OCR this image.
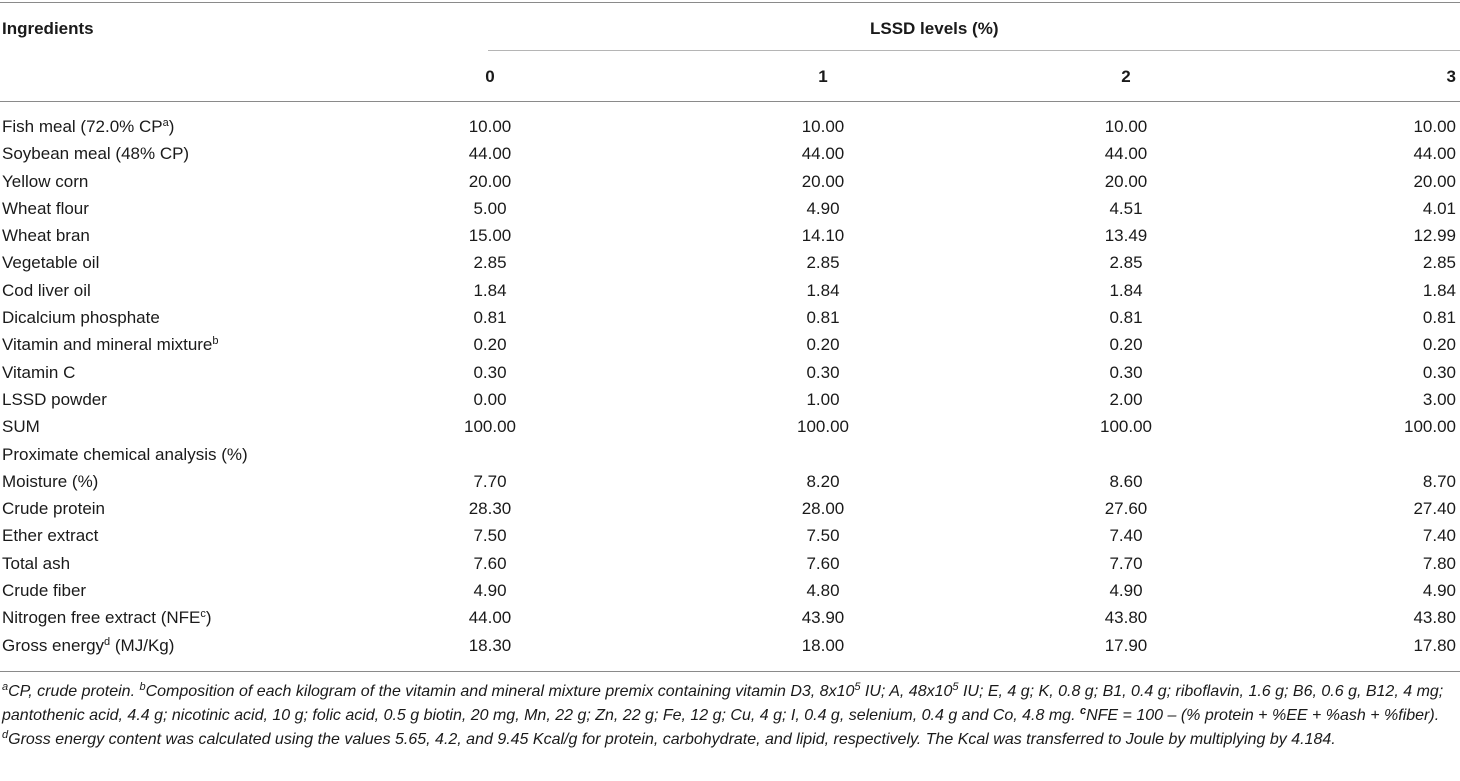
Ingredients	LSSD levels (%)
0	1	2	3
Fish meal (72.0% $CP^a$)	10.00	10.00	10.00	10.00
Soybean meal (48% CP)	44.00	44.00	44.00	44.00
Yellow corn	20.00	20.00	20.00	20.00
Wheat flour	5.00	4.90	4.51	4.01
Wheat bran	15.00	14.10	13.49	12.99
Vegetable oil	2.85	2.85	2.85	2.85
Cod liver oil	1.84	1.84	1.84	1.84
Dicalcium phosphate	0.81	0.81	0.81	0.81
Vitamin and mineral mixture$^b$	0.20	0.20	0.20	0.20
Vitamin C	0.30	0.30	0.30	0.30
LSSD powder	0.00	1.00	2.00	3.00
SUM	100.00	100.00	100.00	100.00
Proximate chemical analysis (%)
Moisture (%)	7.70	8.20	8.60	8.70
Crude protein	28.30	28.00	27.60	27.40
Ether extract	7.50	7.50	7.40	7.40
Total ash	7.60	7.60	7.70	7.80
Crude fiber	4.90	4.80	4.90	4.90
Nitrogen free extract (NFE$^c$)	44.00	43.90	43.80	43.80
Gross energy$^d$ (MJ/Kg)	18.30	18.00	17.90	17.80
$^a$CP, crude protein. $^b$Composition of each kilogram of the vitamin and mineral mixture premix containing vitamin D3, $8x10^5$ IU; A, $48x10^5$ IU; E, 4 g; K, 0.8 g; B1, 0.4 g; riboflavin, 1.6 g; B6, 0.6 g, B12, 4 mg; pantothenic acid, 4.4 g; nicotinic acid, 10 g; folic acid, 0.5 g biotin, 20 mg, Mn, 22 g; Zn, 22 g; Fe, 12 g; Cu, 4 g; I, 0.4 g, selenium, 0.4 g and Co, 4.8 mg. $^c$NFE = 100 – (% protein + %EE + %ash + %fiber). $^d$Gross energy content was calculated using the values 5.65, 4.2, and 9.45 Kcal/g for protein, carbohydrate, and lipid, respectively. The Kcal was transferred to Joule by multiplying by 4.184.
